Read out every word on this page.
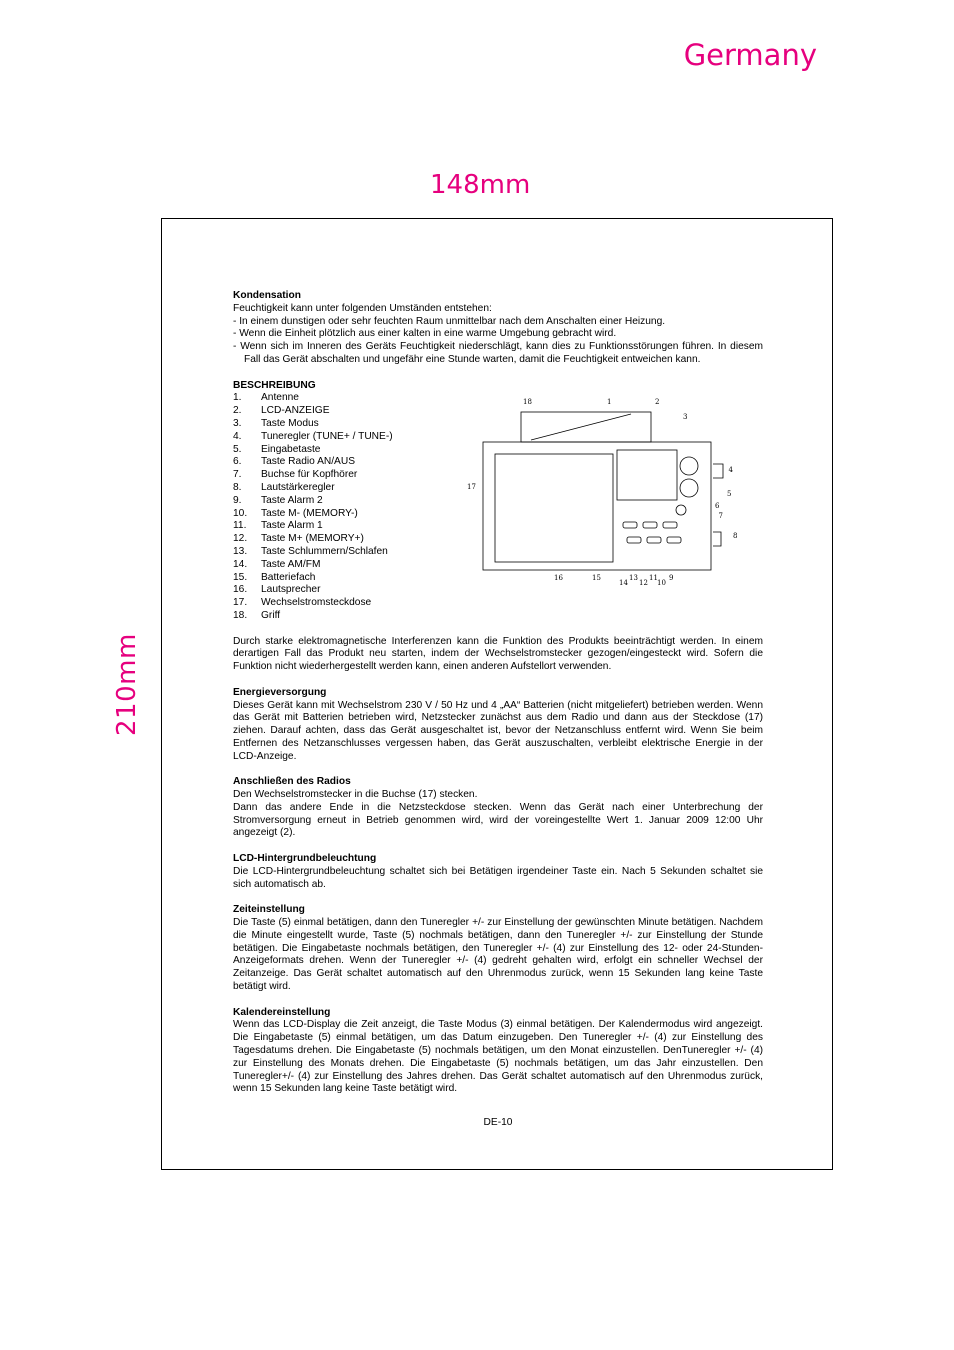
Germany
148mm
210mm

Kondensation

Feuchtigkeit kann unter folgenden Umständen entstehen:

- In einem dunstigen oder sehr feuchten Raum unmittelbar nach dem Anschalten einer Heizung.

- Wenn die Einheit plötzlich aus einer kalten in eine warme Umgebung gebracht wird.

- Wenn sich im Inneren des Geräts Feuchtigkeit niederschlägt, kann dies zu Funktionsstörungen führen. In diesem Fall das Gerät abschalten und ungefähr eine Stunde warten, damit die Feuchtigkeit entweichen kann.

BESCHREIBUNG

1.	Antenne
2.	LCD-ANZEIGE
3.	Taste Modus
4.	Tuneregler (TUNE+ / TUNE-)
5.	Eingabetaste
6.	Taste Radio AN/AUS
7.	Buchse für Kopfhörer
8.	Lautstärkeregler
9.	Taste Alarm 2
10.	Taste M- (MEMORY-)
11.	Taste Alarm 1
12.	Taste M+ (MEMORY+)
13.	Taste Schlummern/Schlafen
14.	Taste AM/FM
15.	Batteriefach
16.	Lautsprecher
17.	Wechselstromsteckdose
18.	Griff
18	1	2
3
4
5
6
7
8
17
16	15
14
13
12
11
10
9

Durch starke elektromagnetische Interferenzen kann die Funktion des Produkts beeinträchtigt werden. In einem derartigen Fall das Produkt neu starten, indem der Wechselstromstecker gezogen/eingesteckt wird. Sofern die Funktion nicht wiederhergestellt werden kann, einen anderen Aufstellort verwenden.

Energieversorgung

Dieses Gerät kann mit Wechselstrom 230 V / 50 Hz und 4 „AA“ Batterien (nicht mitgeliefert) betrieben werden. Wenn das Gerät mit Batterien betrieben wird, Netzstecker zunächst aus dem Radio und dann aus der Steckdose (17) ziehen. Darauf achten, dass das Gerät ausgeschaltet ist, bevor der Netzanschluss entfernt wird. Wenn Sie beim Entfernen des Netzanschlusses vergessen haben, das Gerät auszuschalten, verbleibt elektrische Energie in der LCD-Anzeige.

Anschließen des Radios

Den Wechselstromstecker in die Buchse (17) stecken.

Dann das andere Ende in die Netzsteckdose stecken. Wenn das Gerät nach einer Unterbrechung der Stromversorgung erneut in Betrieb genommen wird, wird der voreingestellte Wert 1. Januar 2009 12:00 Uhr angezeigt (2).

LCD-Hintergrundbeleuchtung

Die LCD-Hintergrundbeleuchtung schaltet sich bei Betätigen irgendeiner Taste ein. Nach 5 Sekunden schaltet sie sich automatisch ab.

Zeiteinstellung

Die Taste (5) einmal betätigen, dann den Tuneregler +/- zur Einstellung der gewünschten Minute betätigen. Nachdem die Minute eingestellt wurde, Taste (5) nochmals betätigen, dann den Tuneregler +/- zur Einstellung der Stunde betätigen. Die Eingabetaste nochmals betätigen, den Tuneregler +/- (4) zur Einstellung des 12- oder 24-Stunden-Anzeigeformats drehen. Wenn der Tuneregler +/- (4) gedreht gehalten wird, erfolgt ein schneller Wechsel der Zeitanzeige. Das Gerät schaltet automatisch auf den Uhrenmodus zurück, wenn 15 Sekunden lang keine Taste betätigt wird.

Kalendereinstellung

Wenn das LCD-Display die Zeit anzeigt, die Taste Modus (3) einmal betätigen. Der Kalendermodus wird angezeigt. Die Eingabetaste (5) einmal betätigen, um das Datum einzugeben. Den Tuneregler +/- (4) zur Einstellung des Tagesdatums drehen. Die Eingabetaste (5) nochmals betätigen, um den Monat einzustellen. DenTuneregler +/- (4) zur Einstellung des Monats drehen. Die Eingabetaste (5) nochmals betätigen, um das Jahr einzustellen. Den Tuneregler+/- (4) zur Einstellung des Jahres drehen. Das Gerät schaltet automatisch auf den Uhrenmodus zurück, wenn 15 Sekunden lang keine Taste betätigt wird.

DE-10
